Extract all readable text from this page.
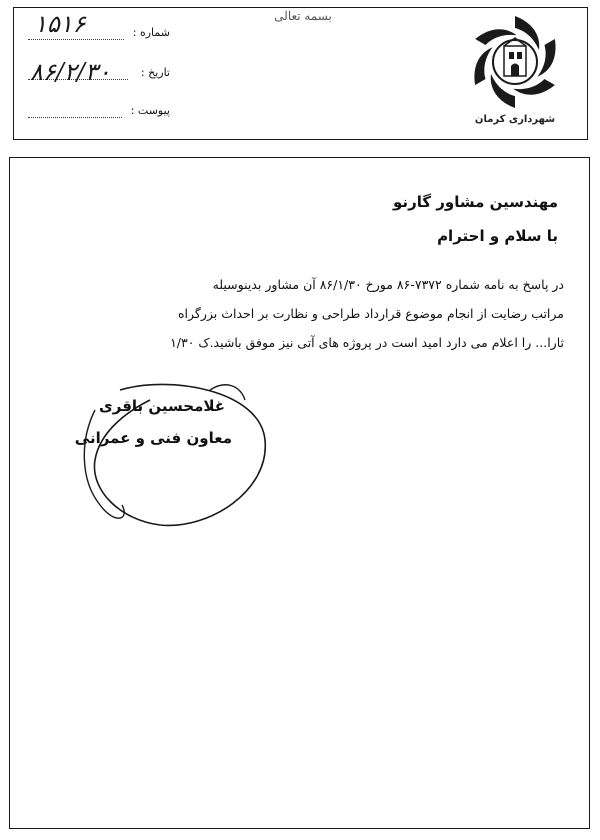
بسمه تعالی
شماره :
۱۵۱۶
تاریخ :
۸۶/۲/۳۰
پیوست :
شهرداری کرمان
مهندسین مشاور گارنو
با سلام و احترام
در پاسخ به نامه شماره ۷۳۷۲-۸۶ مورخ ۸۶/۱/۳۰ آن مشاور بدینوسیله
مراتب رضایت از انجام موضوع قرارداد طراحی و نظارت بر احداث بزرگراه
ثارا... را اعلام می دارد امید است در پروژه های آتی نیز موفق باشید.ک ۱/۳۰
غلامحسین باقری
معاون فنی و عمرانی
